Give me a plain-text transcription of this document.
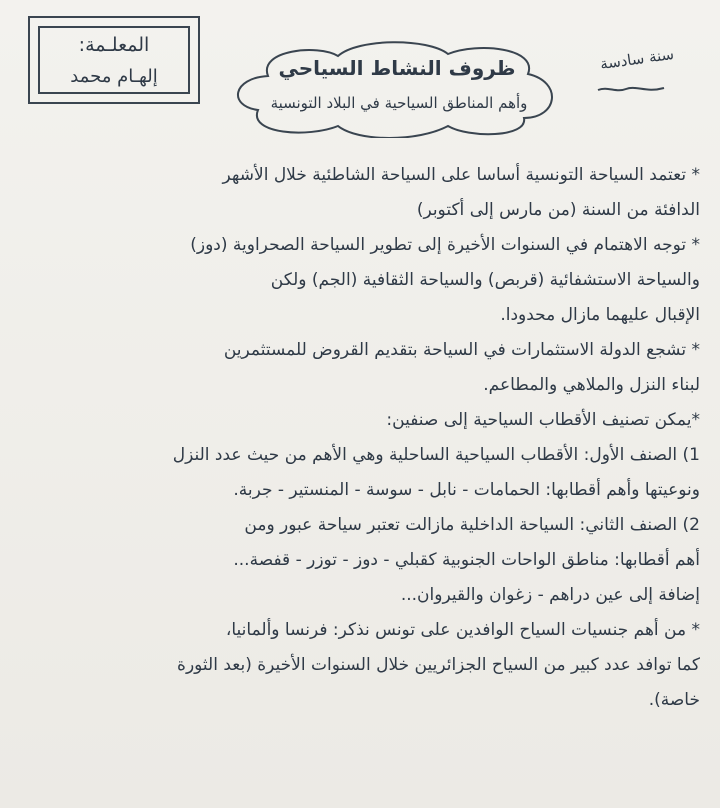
المعلـمة:
إلهـام محمد	ظروف النشاط السياحي
وأهم المناطق السياحية في البلاد التونسية
سنة سادسة
* تعتمد السياحة التونسية أساسا على السياحة الشاطئية خلال الأشهر
الدافئة من السنة (من مارس إلى أكتوبر)
* توجه الاهتمام في السنوات الأخيرة إلى تطوير السياحة الصحراوية (دوز)
والسياحة الاستشفائية (قربص) والسياحة الثقافية (الجم) ولكن
الإقبال عليهما مازال محدودا.
* تشجع الدولة الاستثمارات في السياحة بتقديم القروض للمستثمرين
لبناء النزل والملاهي والمطاعم.
*يمكن تصنيف الأقطاب السياحية إلى صنفين:
1) الصنف الأول: الأقطاب السياحية الساحلية وهي الأهم من حيث عدد النزل
ونوعيتها وأهم أقطابها: الحمامات - نابل - سوسة - المنستير - جربة.
2) الصنف الثاني: السياحة الداخلية مازالت تعتبر سياحة عبور ومن
أهم أقطابها: مناطق الواحات الجنوبية كقبلي - دوز - توزر - قفصة...
إضافة إلى عين دراهم - زغوان والقيروان...
* من أهم جنسيات السياح الوافدين على تونس نذكر: فرنسا وألمانيا،
كما توافد عدد كبير من السياح الجزائريين خلال السنوات الأخيرة (بعد الثورة
خاصة).
